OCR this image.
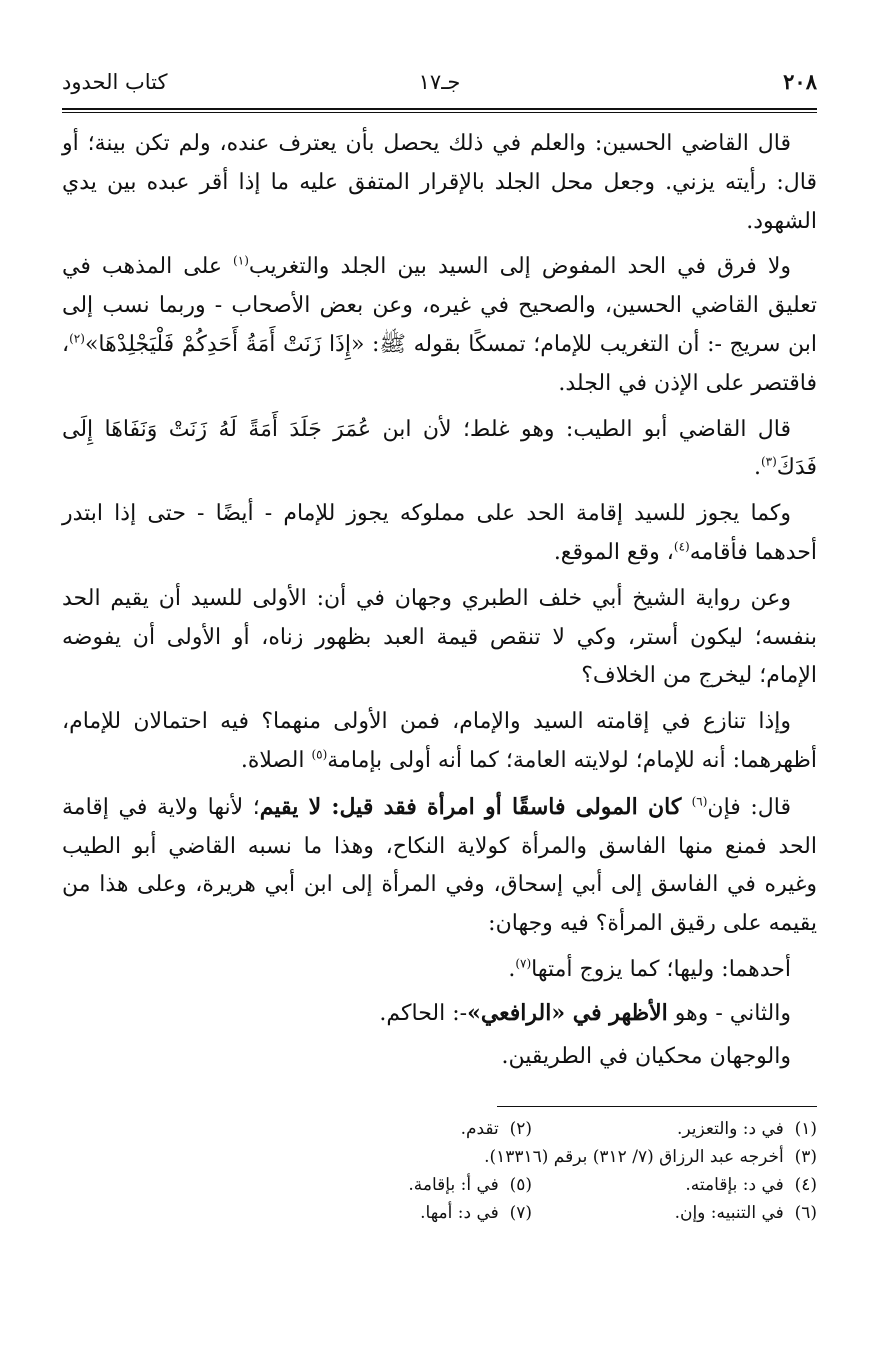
٢٠٨
جـ١٧
كتاب الحدود

قال القاضي الحسين: والعلم في ذلك يحصل بأن يعترف عنده، ولم تكن بينة؛ أو قال: رأيته يزني. وجعل محل الجلد بالإقرار المتفق عليه ما إذا أقر عبده بين يدي الشهود.

ولا فرق في الحد المفوض إلى السيد بين الجلد والتغريب$^{(١)}$ على المذهب في تعليق القاضي الحسين، والصحيح في غيره، وعن بعض الأصحاب - وربما نسب إلى ابن سريج -: أن التغريب للإمام؛ تمسكًا بقوله ﷺ: «إِذَا زَنَتْ أَمَةُ أَحَدِكُمْ فَلْيَجْلِدْهَا»$^{(٢)}$، فاقتصر على الإذن في الجلد.

قال القاضي أبو الطيب: وهو غلط؛ لأن ابن عُمَرَ جَلَدَ أَمَةً لَهُ زَنَتْ وَنَفَاهَا إِلَى فَدَكَ$^{(٣)}$.

وكما يجوز للسيد إقامة الحد على مملوكه يجوز للإمام - أيضًا - حتى إذا ابتدر أحدهما فأقامه$^{(٤)}$، وقع الموقع.

وعن رواية الشيخ أبي خلف الطبري وجهان في أن: الأولى للسيد أن يقيم الحد بنفسه؛ ليكون أستر، وكي لا تنقص قيمة العبد بظهور زناه، أو الأولى أن يفوضه الإمام؛ ليخرج من الخلاف؟

وإذا تنازع في إقامته السيد والإمام، فمن الأولى منهما؟ فيه احتمالان للإمام، أظهرهما: أنه للإمام؛ لولايته العامة؛ كما أنه أولى بإمامة$^{(٥)}$ الصلاة.

قال: فإن$^{(٦)}$ كان المولى فاسقًا أو امرأة فقد قيل: لا يقيم؛ لأنها ولاية في إقامة الحد فمنع منها الفاسق والمرأة كولاية النكاح، وهذا ما نسبه القاضي أبو الطيب وغيره في الفاسق إلى أبي إسحاق، وفي المرأة إلى ابن أبي هريرة، وعلى هذا من يقيمه على رقيق المرأة؟ فيه وجهان:

أحدهما: وليها؛ كما يزوج أمتها$^{(٧)}$.

والثاني - وهو الأظهر في «الرافعي»-: الحاكم.

والوجهان محكيان في الطريقين.

(١)  في د: والتعزير.
(٢)  تقدم.
(٣)  أخرجه عبد الرزاق (٧/ ٣١٢) برقم (١٣٣١٦).
(٤)  في د: بإقامته.
(٥)  في أ: بإقامة.
(٦)  في التنبيه: وإن.
(٧)  في د: أمها.
